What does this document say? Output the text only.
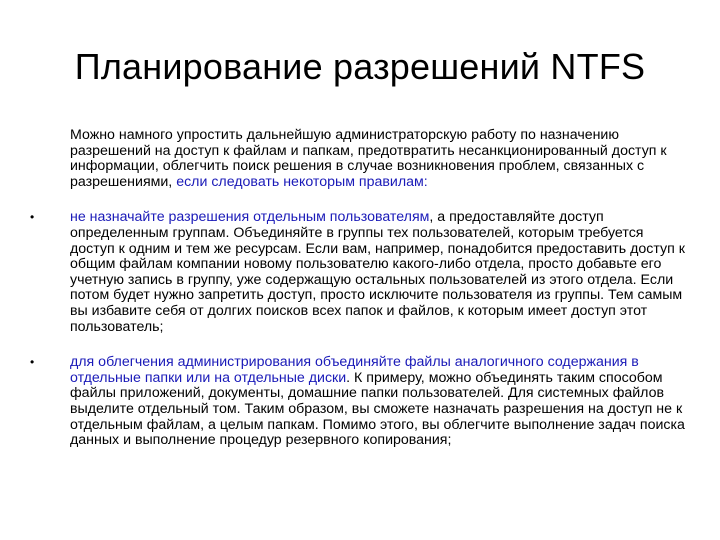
Планирование разрешений NTFS

Можно намного упростить дальнейшую администраторскую работу по назначению разрешений на доступ к файлам и папкам, предотвратить несанкционированный доступ к информации, облегчить поиск решения в случае возникновения проблем, связанных с разрешениями, если следовать некоторым правилам:

•	не назначайте разрешения отдельным пользователям, а предоставляйте доступ определенным группам. Объединяйте в группы тех пользователей, которым требуется доступ к одним и тем же ресурсам. Если вам, например, понадобится предоставить доступ к общим файлам компании новому пользователю какого-либо отдела, просто добавьте его учетную запись в группу, уже содержащую остальных пользователей из этого отдела. Если потом будет нужно запретить доступ, просто исключите пользователя из группы. Тем самым вы избавите себя от долгих поисков всех папок и файлов, к которым имеет доступ этот пользователь;

•	для облегчения администрирования объединяйте файлы аналогичного содержания в отдельные папки или на отдельные диски. К примеру, можно объединять таким способом файлы приложений, документы, домашние папки пользователей. Для системных файлов выделите отдельный том. Таким образом, вы сможете назначать разрешения на доступ не к отдельным файлам, а целым папкам. Помимо этого, вы облегчите выполнение задач поиска данных и выполнение процедур резервного копирования;
